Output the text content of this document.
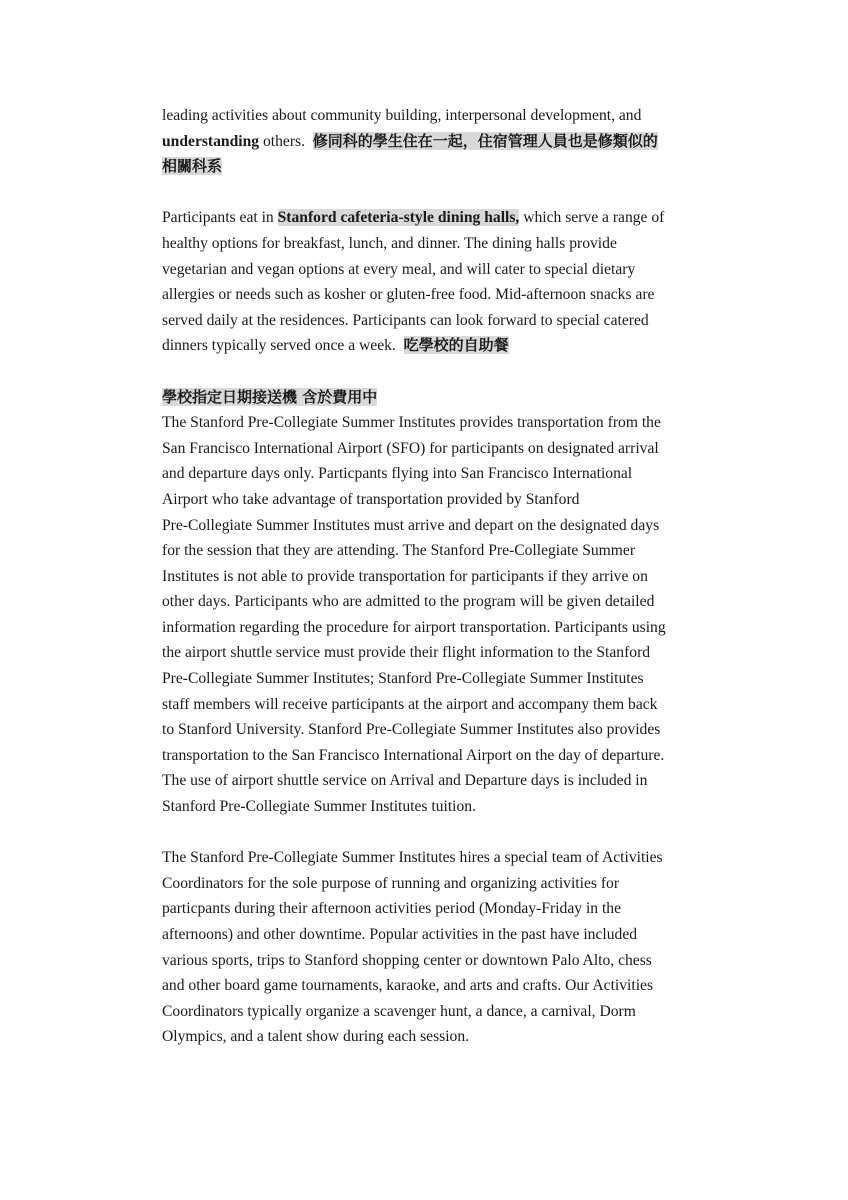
leading activities about community building, interpersonal development, and
understanding others. 修同科的學生住在一起，住宿管理人員也是修類似的
相關科系
Participants eat in Stanford cafeteria-style dining halls, which serve a range of
healthy options for breakfast, lunch, and dinner. The dining halls provide
vegetarian and vegan options at every meal, and will cater to special dietary
allergies or needs such as kosher or gluten-free food. Mid-afternoon snacks are
served daily at the residences. Participants can look forward to special catered
dinners typically served once a week. 吃學校的自助餐
學校指定日期接送機 含於費用中
The Stanford Pre-Collegiate Summer Institutes provides transportation from the
San Francisco International Airport (SFO) for participants on designated arrival
and departure days only. Particpants flying into San Francisco International
Airport who take advantage of transportation provided by Stanford
Pre-Collegiate Summer Institutes must arrive and depart on the designated days
for the session that they are attending. The Stanford Pre-Collegiate Summer
Institutes is not able to provide transportation for participants if they arrive on
other days. Participants who are admitted to the program will be given detailed
information regarding the procedure for airport transportation. Participants using
the airport shuttle service must provide their flight information to the Stanford
Pre-Collegiate Summer Institutes; Stanford Pre-Collegiate Summer Institutes
staff members will receive participants at the airport and accompany them back
to Stanford University. Stanford Pre-Collegiate Summer Institutes also provides
transportation to the San Francisco International Airport on the day of departure.
The use of airport shuttle service on Arrival and Departure days is included in
Stanford Pre-Collegiate Summer Institutes tuition.
The Stanford Pre-Collegiate Summer Institutes hires a special team of Activities
Coordinators for the sole purpose of running and organizing activities for
particpants during their afternoon activities period (Monday-Friday in the
afternoons) and other downtime. Popular activities in the past have included
various sports, trips to Stanford shopping center or downtown Palo Alto, chess
and other board game tournaments, karaoke, and arts and crafts. Our Activities
Coordinators typically organize a scavenger hunt, a dance, a carnival, Dorm
Olympics, and a talent show during each session.
